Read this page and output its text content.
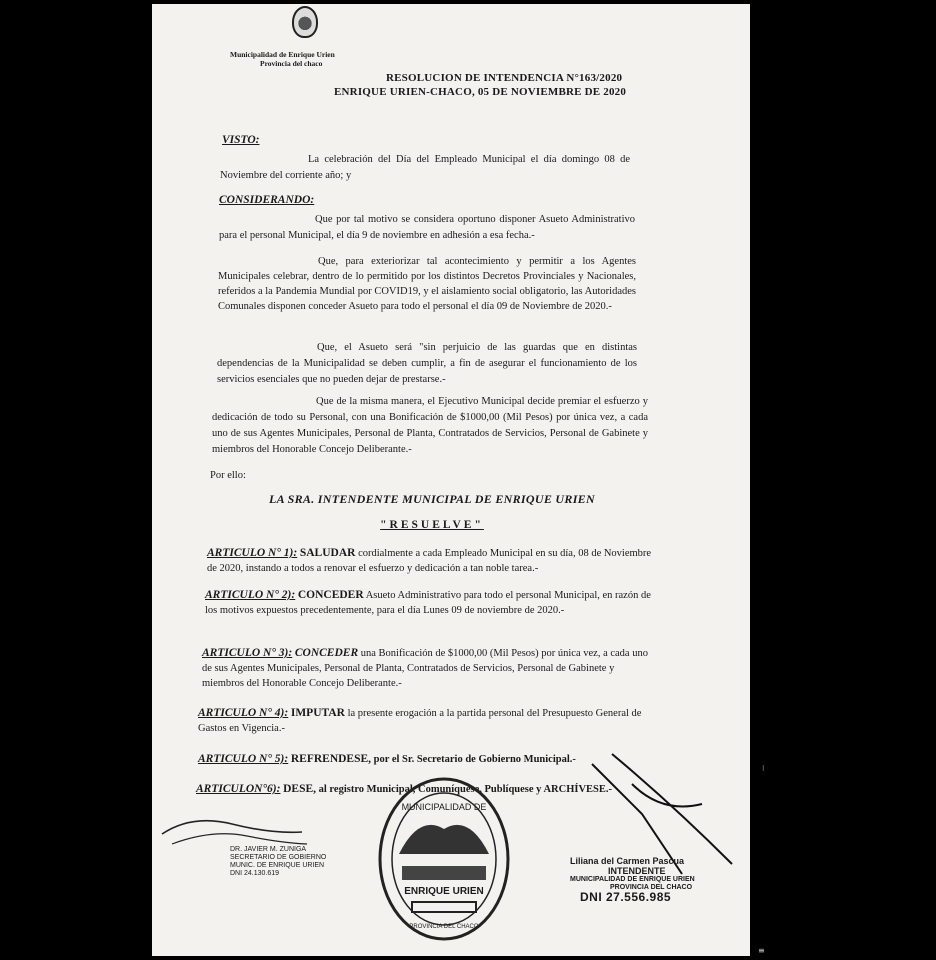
Municipalidad de Enrique Urien
Provincia del chaco
RESOLUCION DE INTENDENCIA N°163/2020
ENRIQUE URIEN-CHACO, 05 DE NOVIEMBRE DE 2020
VISTO:
La celebración del Día del Empleado Municipal el día domingo 08 de Noviembre del corriente año; y
CONSIDERANDO:
Que por tal motivo se considera oportuno disponer Asueto Administrativo para el personal Municipal, el día 9 de noviembre en adhesión a esa fecha.-
Que, para exteriorizar tal acontecimiento y permitir a los Agentes Municipales celebrar, dentro de lo permitido por los distintos Decretos Provinciales y Nacionales, referidos a la Pandemia Mundial por COVID19, y el aislamiento social obligatorio, las Autoridades Comunales disponen conceder Asueto para todo el personal el día 09 de Noviembre de 2020.-
Que, el Asueto será "sin perjuicio de las guardas que en distintas dependencias de la Municipalidad se deben cumplir, a fin de asegurar el funcionamiento de los servicios esenciales que no pueden dejar de prestarse.-
Que de la misma manera, el Ejecutivo Municipal decide premiar el esfuerzo y dedicación de todo su Personal, con una Bonificación de $1000,00 (Mil Pesos) por única vez, a cada uno de sus Agentes Municipales, Personal de Planta, Contratados de Servicios, Personal de Gabinete y miembros del Honorable Concejo Deliberante.-
Por ello:
LA SRA. INTENDENTE MUNICIPAL DE ENRIQUE URIEN
"RESUELVE"
ARTICULO N° 1): SALUDAR cordialmente a cada Empleado Municipal en su día, 08 de Noviembre de 2020, instando a todos a renovar el esfuerzo y dedicación a tan noble tarea.-
ARTICULO N° 2): CONCEDER Asueto Administrativo para todo el personal Municipal, en razón de los motivos expuestos precedentemente, para el día Lunes 09 de noviembre de 2020.-
ARTICULO N° 3): CONCEDER una Bonificación de $1000,00 (Mil Pesos) por única vez, a cada uno de sus Agentes Municipales, Personal de Planta, Contratados de Servicios, Personal de Gabinete y miembros del Honorable Concejo Deliberante.-
ARTICULO N° 4): IMPUTAR la presente erogación a la partida personal del Presupuesto General de Gastos en Vigencia.-
ARTICULO N° 5): REFRENDESE, por el Sr. Secretario de Gobierno Municipal.-
ARTICULON°6): DESE, al registro Municipal, Comuníquese, Publíquese y ARCHÍVESE.-
DR. JAVIER M. ZUNIGA
SECRETARIO DE GOBIERNO
MUNIC. DE ENRIQUE URIEN
DNI 24.130.619
MUNICIPALIDAD DE
ENRIQUE URIEN
PROVINCIA DEL CHACO
Liliana del Carmen Pascua
INTENDENTE
MUNICIPALIDAD DE ENRIQUE URIEN
PROVINCIA DEL CHACO
DNI 27.556.985
⁝
≡
